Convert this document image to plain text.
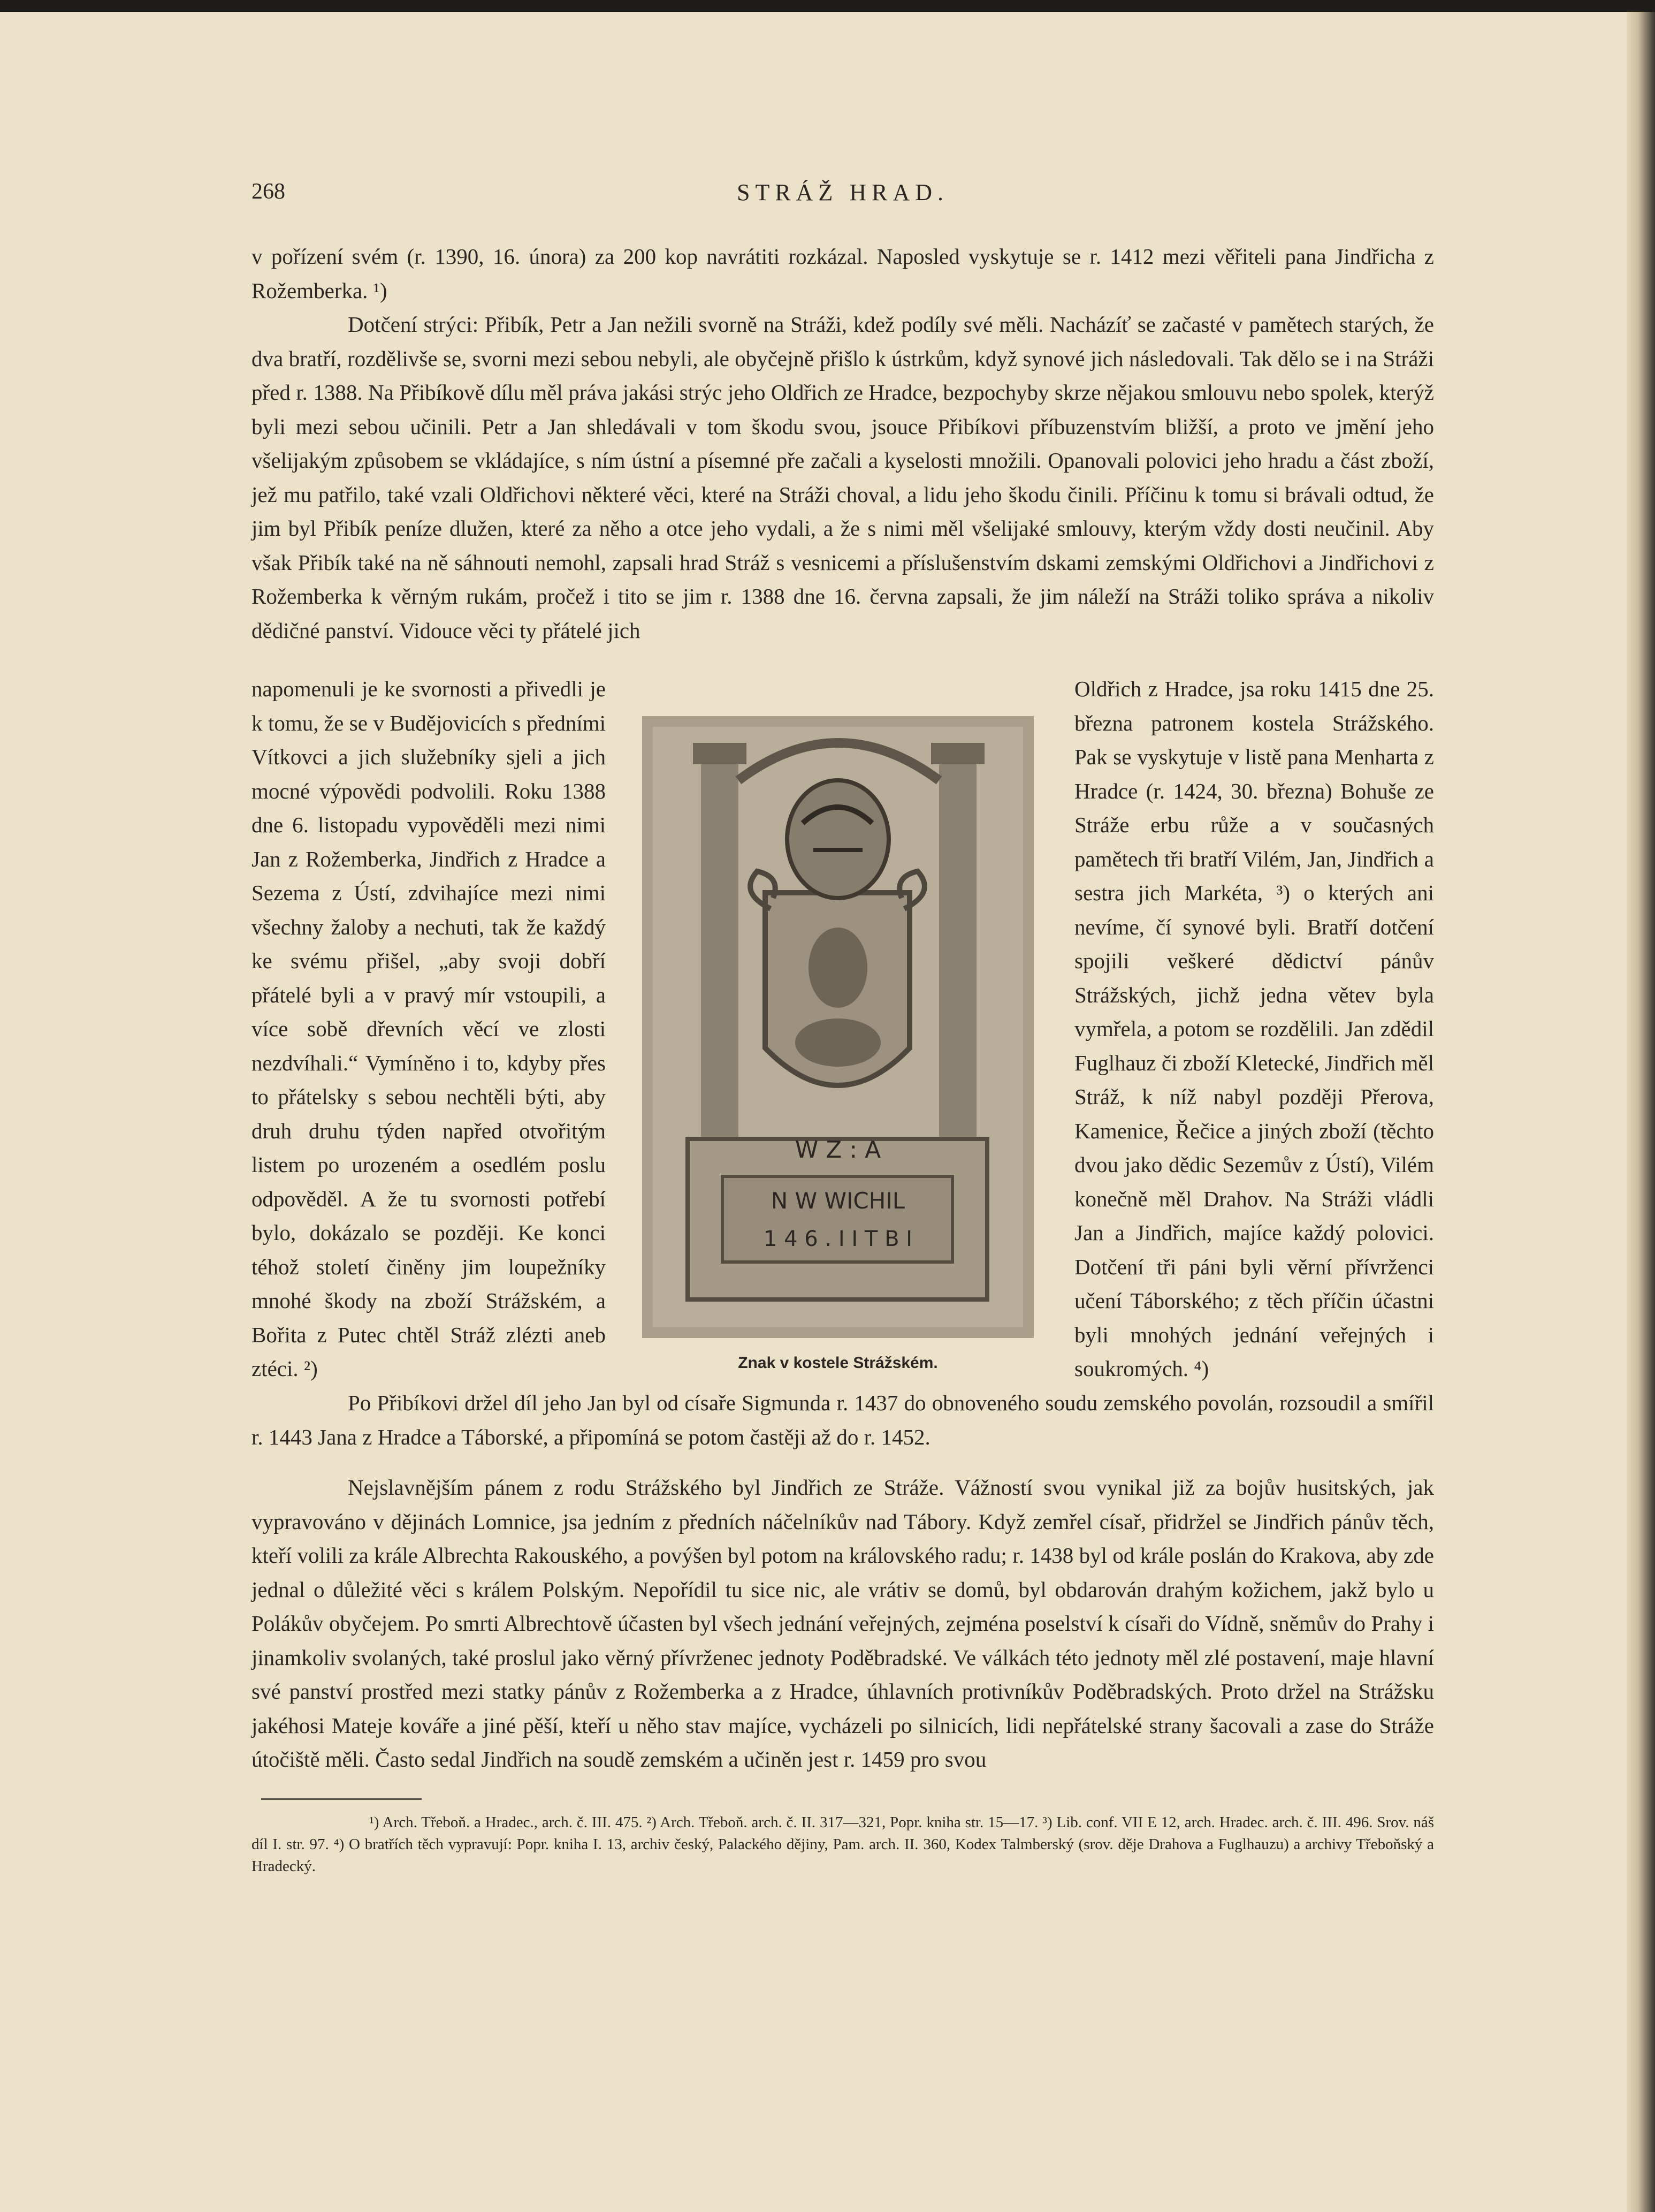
268	STRÁŽ HRAD.

v pořízení svém (r. 1390, 16. února) za 200 kop navrátiti rozkázal. Naposled vyskytuje se r. 1412 mezi věřiteli pana Jindřicha z Rožemberka. ¹)

Dotčení strýci: Přibík, Petr a Jan nežili svorně na Stráži, kdež podíly své měli. Nacházíť se začasté v pamětech starých, že dva bratří, rozdělivše se, svorni mezi sebou nebyli, ale obyčejně přišlo k ústrkům, když synové jich následovali. Tak dělo se i na Stráži před r. 1388. Na Přibíkově dílu měl práva jakási strýc jeho Oldřich ze Hradce, bezpochyby skrze nějakou smlouvu nebo spolek, kterýž byli mezi sebou učinili. Petr a Jan shledávali v tom škodu svou, jsouce Přibíkovi příbuzenstvím bližší, a proto ve jmění jeho všelijakým způsobem se vkládajíce, s ním ústní a písemné pře začali a kyselosti množili. Opanovali polovici jeho hradu a část zboží, jež mu patřilo, také vzali Oldřichovi některé věci, které na Stráži choval, a lidu jeho škodu činili. Příčinu k tomu si brávali odtud, že jim byl Přibík peníze dlužen, které za něho a otce jeho vydali, a že s nimi měl všelijaké smlouvy, kterým vždy dosti neučinil. Aby však Přibík také na ně sáhnouti nemohl, zapsali hrad Stráž s vesnicemi a příslušenstvím dskami zemskými Oldřichovi a Jindřichovi z Rožemberka k věrným rukám, pročež i tito se jim r. 1388 dne 16. června zapsali, že jim náleží na Stráži toliko správa a nikoliv dědičné panství. Vidouce věci ty přátelé jich

napomenuli je ke svornosti a přivedli je k tomu, že se v Budějovicích s předními Vítkovci a jich služebníky sjeli a jich mocné výpovědi podvolili. Roku 1388 dne 6. listopadu vypověděli mezi nimi Jan z Rožemberka, Jindřich z Hradce a Sezema z Ústí, zdvihajíce mezi nimi všechny žaloby a nechuti, tak že každý ke svému přišel, „aby svoji dobří přátelé byli a v pravý mír vstoupili, a více sobě dřevních věcí ve zlosti nezdvíhali.“ Vymíněno i to, kdyby přes to přátelsky s sebou nechtěli býti, aby druh druhu týden napřed otvořitým listem po urozeném a osedlém poslu odpověděl. A že tu svornosti potřebí bylo, dokázalo se později. Ke konci téhož století činěny jim loupežníky mnohé škody na zboží Strážském, a Bořita z Putec chtěl Stráž zlézti aneb ztéci. ²)

W Z : A
N W WICHIL
1 4 6 . I I T B I
Znak v kostele Strážském.

Oldřich z Hradce, jsa roku 1415 dne 25. března patronem kostela Strážského. Pak se vyskytuje v listě pana Menharta z Hradce (r. 1424, 30. března) Bohuše ze Stráže erbu růže a v současných pamětech tři bratří Vilém, Jan, Jindřich a sestra jich Markéta, ³) o kterých ani nevíme, čí synové byli. Bratří dotčení spojili veškeré dědictví pánův Strážských, jichž jedna větev byla vymřela, a potom se rozdělili. Jan zdědil Fuglhauz či zboží Kletecké, Jindřich měl Stráž, k níž nabyl později Přerova, Kamenice, Řečice a jiných zboží (těchto dvou jako dědic Sezemův z Ústí), Vilém konečně měl Drahov. Na Stráži vládli Jan a Jindřich, majíce každý polovici. Dotčení tři páni byli věrní přívrženci učení Táborského; z těch příčin účastni byli mnohých jednání veřejných i soukromých. ⁴)

Po Přibíkovi držel díl jeho Jan byl od císaře Sigmunda r. 1437 do obnoveného soudu zemského povolán, rozsoudil a smířil r. 1443 Jana z Hradce a Táborské, a připomíná se potom častěji až do r. 1452.

Nejslavnějším pánem z rodu Strážského byl Jindřich ze Stráže. Vážností svou vynikal již za bojův husitských, jak vypravováno v dějinách Lomnice, jsa jedním z předních náčelníkův nad Tábory. Když zemřel císař, přidržel se Jindřich pánův těch, kteří volili za krále Albrechta Rakouského, a povýšen byl potom na královského radu; r. 1438 byl od krále poslán do Krakova, aby zde jednal o důležité věci s králem Polským. Nepořídil tu sice nic, ale vrátiv se domů, byl obdarován drahým kožichem, jakž bylo u Polákův obyčejem. Po smrti Albrechtově účasten byl všech jednání veřejných, zejména poselství k císaři do Vídně, sněmův do Prahy i jinamkoliv svolaných, také proslul jako věrný přívrženec jednoty Poděbradské. Ve válkách této jednoty měl zlé postavení, maje hlavní své panství prostřed mezi statky pánův z Rožemberka a z Hradce, úhlavních protivníkův Poděbradských. Proto držel na Strážsku jakéhosi Mateje kováře a jiné pěší, kteří u něho stav majíce, vycházeli po silnicích, lidi nepřátelské strany šacovali a zase do Stráže útočiště měli. Často sedal Jindřich na soudě zemském a učiněn jest r. 1459 pro svou

¹) Arch. Třeboň. a Hradec., arch. č. III. 475. ²) Arch. Třeboň. arch. č. II. 317—321, Popr. kniha str. 15—17. ³) Lib. conf. VII E 12, arch. Hradec. arch. č. III. 496. Srov. náš díl I. str. 97. ⁴) O bratřích těch vypravují: Popr. kniha I. 13, archiv český, Palackého dějiny, Pam. arch. II. 360, Kodex Talmberský (srov. děje Drahova a Fuglhauzu) a archivy Třeboňský a Hradecký.
